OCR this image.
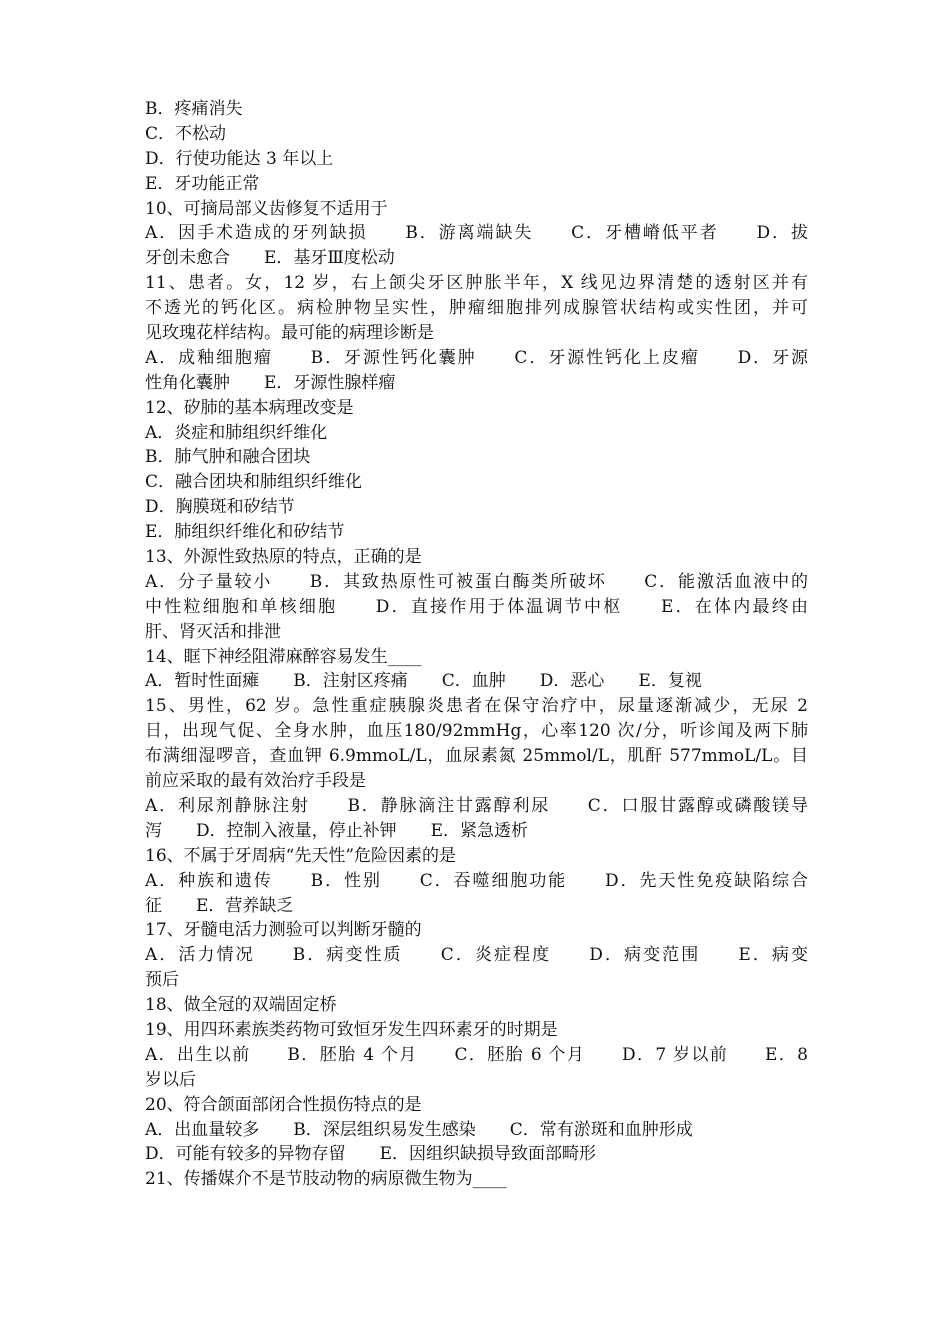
B．疼痛消失
C．不松动
D．行使功能达 3 年以上
E．牙功能正常
10、可摘局部义齿修复不适用于
A．因手术造成的牙列缺损　　B．游离端缺失　　C．牙槽嵴低平者　　D．拔
牙创未愈合　　E．基牙Ⅲ度松动
11、患者。女，12 岁，右上颌尖牙区肿胀半年，X 线见边界清楚的透射区并有
不透光的钙化区。病检肿物呈实性，肿瘤细胞排列成腺管状结构或实性团，并可
见玫瑰花样结构。最可能的病理诊断是
A．成釉细胞瘤　　B．牙源性钙化囊肿　　C．牙源性钙化上皮瘤　　D．牙源
性角化囊肿　　E．牙源性腺样瘤
12、矽肺的基本病理改变是
A．炎症和肺组织纤维化
B．肺气肿和融合团块
C．融合团块和肺组织纤维化
D．胸膜斑和矽结节
E．肺组织纤维化和矽结节
13、外源性致热原的特点，正确的是
A．分子量较小　　B．其致热原性可被蛋白酶类所破坏　　C．能激活血液中的
中性粒细胞和单核细胞　　D．直接作用于体温调节中枢　　E．在体内最终由
肝、肾灭活和排泄
14、眶下神经阻滞麻醉容易发生____
A．暂时性面瘫　　B．注射区疼痛　　C．血肿　　D．恶心　　E．复视
15、男性，62 岁。急性重症胰腺炎患者在保守治疗中，尿量逐渐减少，无尿 2
日，出现气促、全身水肿，血压180/92mmHg，心率120 次/分，听诊闻及两下肺
布满细湿啰音，查血钾 6.9mmoL/L，血尿素氮 25mmol/L，肌酐 577mmoL/L。目
前应采取的最有效治疗手段是
A．利尿剂静脉注射　　B．静脉滴注甘露醇利尿　　C．口服甘露醇或磷酸镁导
泻　　D．控制入液量，停止补钾　　E．紧急透析
16、不属于牙周病“先天性”危险因素的是
A．种族和遗传　　B．性别　　C．吞噬细胞功能　　D．先天性免疫缺陷综合
征　　E．营养缺乏
17、牙髓电活力测验可以判断牙髓的
A．活力情况　　B．病变性质　　C．炎症程度　　D．病变范围　　E．病变
预后
18、做全冠的双端固定桥
19、用四环素族类药物可致恒牙发生四环素牙的时期是
A．出生以前　　B．胚胎 4 个月　　C．胚胎 6 个月　　D．7 岁以前　　E．8
岁以后
20、符合颌面部闭合性损伤特点的是
A．出血量较多　　B．深层组织易发生感染　　C．常有淤斑和血肿形成
D．可能有较多的异物存留　　E．因组织缺损导致面部畸形
21、传播媒介不是节肢动物的病原微生物为____
